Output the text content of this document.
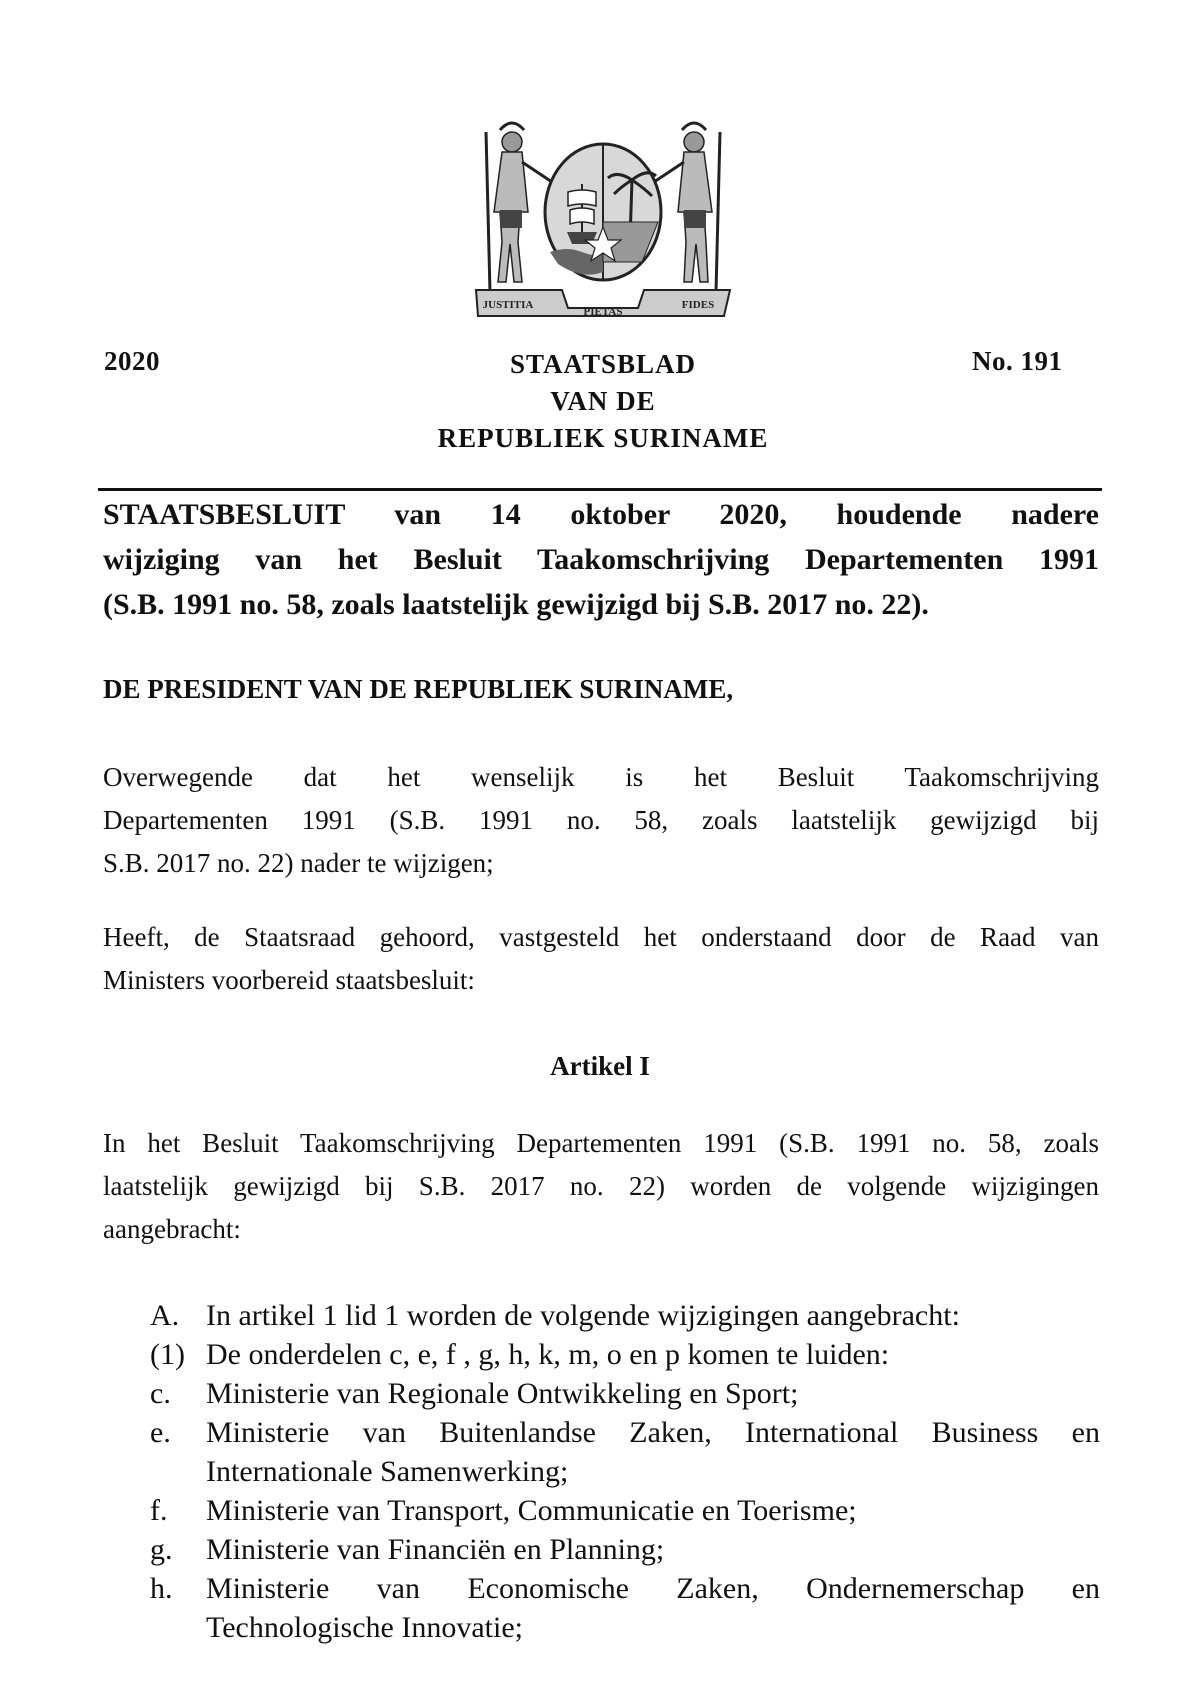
JUSTITIA
PIETAS
FIDES
2020	STAATSBLAD
VAN DE
REPUBLIEK SURINAME
No. 191
STAATSBESLUIT van 14 oktober 2020, houdende nadere
wijziging van het Besluit Taakomschrijving Departementen 1991
(S.B. 1991 no. 58, zoals laatstelijk gewijzigd bij S.B. 2017 no. 22).
DE PRESIDENT VAN DE REPUBLIEK SURINAME,
Overwegende dat het wenselijk is het Besluit Taakomschrijving
Departementen 1991 (S.B. 1991 no. 58, zoals laatstelijk gewijzigd bij
S.B. 2017 no. 22) nader te wijzigen;
Heeft, de Staatsraad gehoord, vastgesteld het onderstaand door de Raad van
Ministers voorbereid staatsbesluit:
Artikel I
In het Besluit Taakomschrijving Departementen 1991 (S.B. 1991 no. 58, zoals
laatstelijk gewijzigd bij S.B. 2017 no. 22) worden de volgende wijzigingen
aangebracht:
A. In artikel 1 lid 1 worden de volgende wijzigingen aangebracht:
(1) De onderdelen c, e, f , g, h, k, m, o en p komen te luiden:
c. Ministerie van Regionale Ontwikkeling en Sport;
e. Ministerie van Buitenlandse Zaken, International Business en
Internationale Samenwerking;
f. Ministerie van Transport, Communicatie en Toerisme;
g. Ministerie van Financiën en Planning;
h. Ministerie van Economische Zaken, Ondernemerschap en
Technologische Innovatie;
